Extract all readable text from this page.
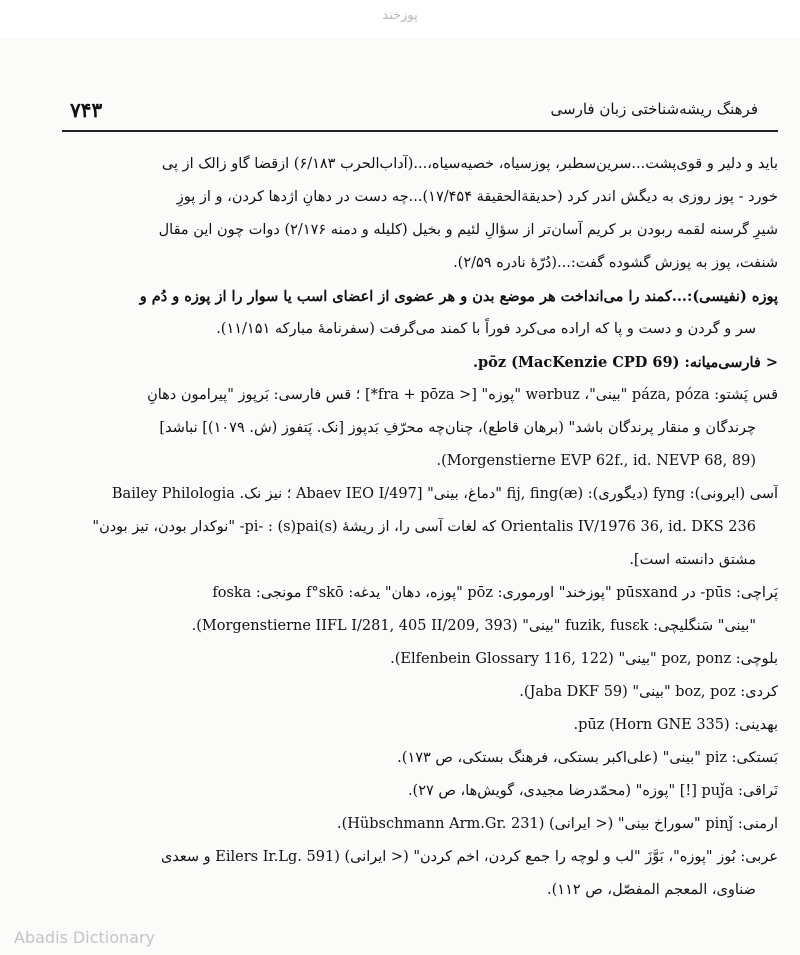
پوزخند
۷۴۳	فرهنگ ریشه‌شناختی زبان فارسی
باید و دلیر و قوی‌پشت...سرین‌سطبر، پوزسیاه، خصیه‌سیاه،...(آداب‌الحرب ۶/۱۸۳) ازقضا گاو زالک از پی
خورد - پوز روزی به دیگش اندر کرد (حدیقةالحقیقة ۱۷/۴۵۴)...چه دست در دهانِ اژدها کردن، و از پوزِ
شیرِ گرسنه لقمه ربودن بر کریم آسان‌تر از سؤالِ لئیم و بخیل (کلیله و دمنه ۲/۱۷۶) دوات چون این مقال
شنفت، پوز به پوزش گشوده گفت:...(دُرّهٔ نادره ۲/۵۹).
پوزه (نفیسی):...کمند را می‌انداخت هر موضع بدن و هر عضوی از اعضای اسب یا سوار را از پوزه و دُم و
سر و گردن و دست و پا که اراده می‌کرد فوراً با کمند می‌گرفت (سفرنامهٔ مبارکه ۱۱/۱۵۱).
< فارسی‌میانه: pōz (MacKenzie CPD 69).
قس پَشتو: páza, póza "بینی"، wərbuz "پوزه" [< fra + pōza*] ؛ قس فارسی: بَرپوز "پیرامون دهانِ
چرندگان و منقار پرندگان باشد" (برهان قاطع)، چنان‌چه محرّفِ بَدپوز [نک. پَتفوز (ش. ۱۰۷۹)] نباشد]
(Morgenstierne EVP 62f., id. NEVP 68, 89).
آسی (ایرونی): fyng (دیگوری): fij, fing(æ) "دماغ، بینی" [Abaev IEO I/497 ؛ نیز نک. Bailey Philologia
Orientalis IV/1976 36, id. DKS 236 که لغات آسی را، از ریشهٔ (s)pi- : (s)pai- "نوکدار بودن، تیز بودن"
مشتق دانسته است].
پَراچی: pūs- در pūsxand "پوزخند" اورموری: pōz "پوزه، دهان" یدغه: f°skō مونجی: foska
"بینی" سَنگلیچی: fuzik, fusɛk "بینی" (Morgenstierne IIFL I/281, 405 II/209, 393).
بلوچی: poz, ponz "بینی" (Elfenbein Glossary 116, 122).
کردی: boz, poz "بینی" (Jaba DKF 59).
بهدینی: pūz (Horn GNE 335).
بَستکی: piz "بینی" (علی‌اکبر بستکی، فرهنگ بستکی، ص ۱۷۳).
نَراقی: puǰa [!] "پوزه" (محمّدرضا مجیدی، گویش‌ها، ص ۲۷).
ارمنی: pinǰ "سوراخ بینی" (< ایرانی) (Hübschmann Arm.Gr. 231).
عربی: بُوز "پوزه"، بَوَّزَ "لب و لوچه را جمع کردن، اخم کردن" (< ایرانی) (Eilers Ir.Lg. 591 و سعدی
ضناوی، المعجم المفصّل، ص ۱۱۲).
Abadis Dictionary
